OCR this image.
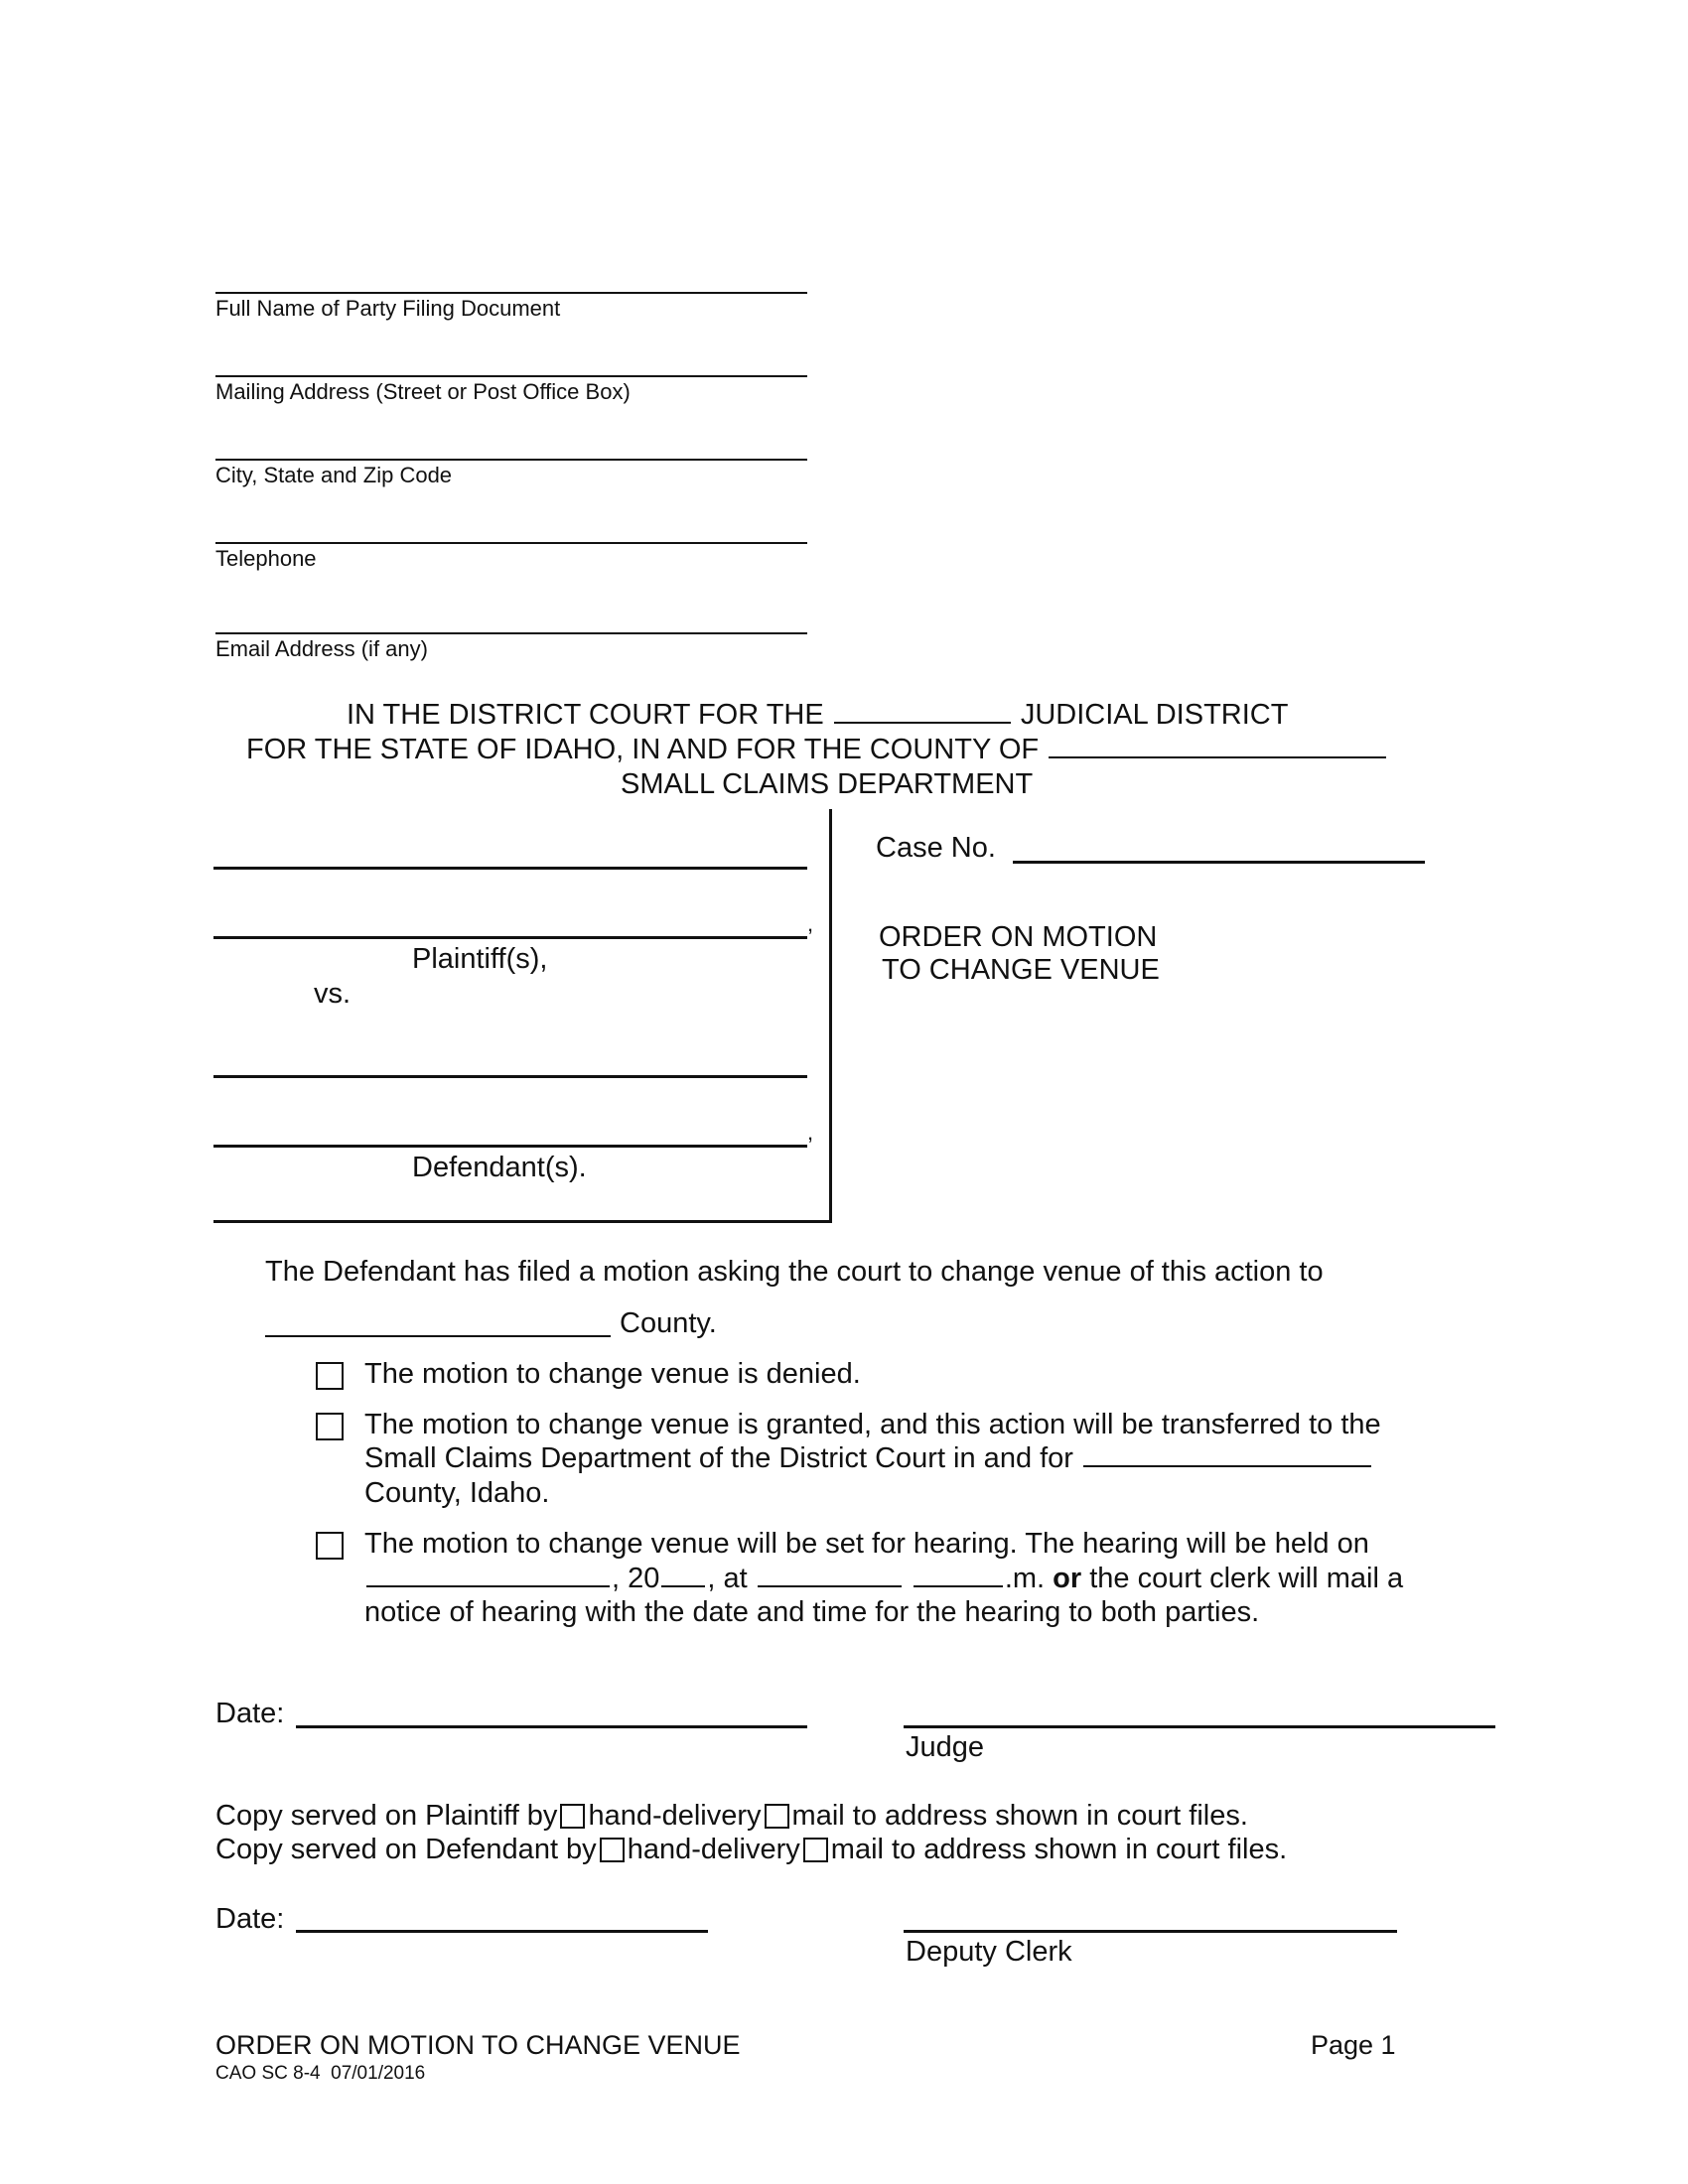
Full Name of Party Filing Document
Mailing Address (Street or Post Office Box)
City, State and Zip Code
Telephone
Email Address (if any)
IN THE DISTRICT COURT FOR THE	JUDICIAL DISTRICT
FOR THE STATE OF IDAHO, IN AND FOR THE COUNTY OF
SMALL CLAIMS DEPARTMENT
,
Plaintiff(s),
vs.
,
Defendant(s).
Case No.
ORDER ON MOTION
TO CHANGE VENUE
The Defendant has filed a motion asking the court to change venue of this action to
County.
The motion to change venue is denied.
The motion to change venue is granted, and this action will be transferred to the
Small Claims Department of the District Court in and for
County, Idaho.
The motion to change venue will be set for hearing. The hearing will be held on
, 20 , at	.m. or the court clerk will mail a
notice of hearing with the date and time for the hearing to both parties.
Date:
Judge
Copy served on Plaintiff by hand-delivery mail to address shown in court files.
Copy served on Defendant by hand-delivery mail to address shown in court files.
Date:
Deputy Clerk
ORDER ON MOTION TO CHANGE VENUE
CAO SC 8-4  07/01/2016
Page 1
